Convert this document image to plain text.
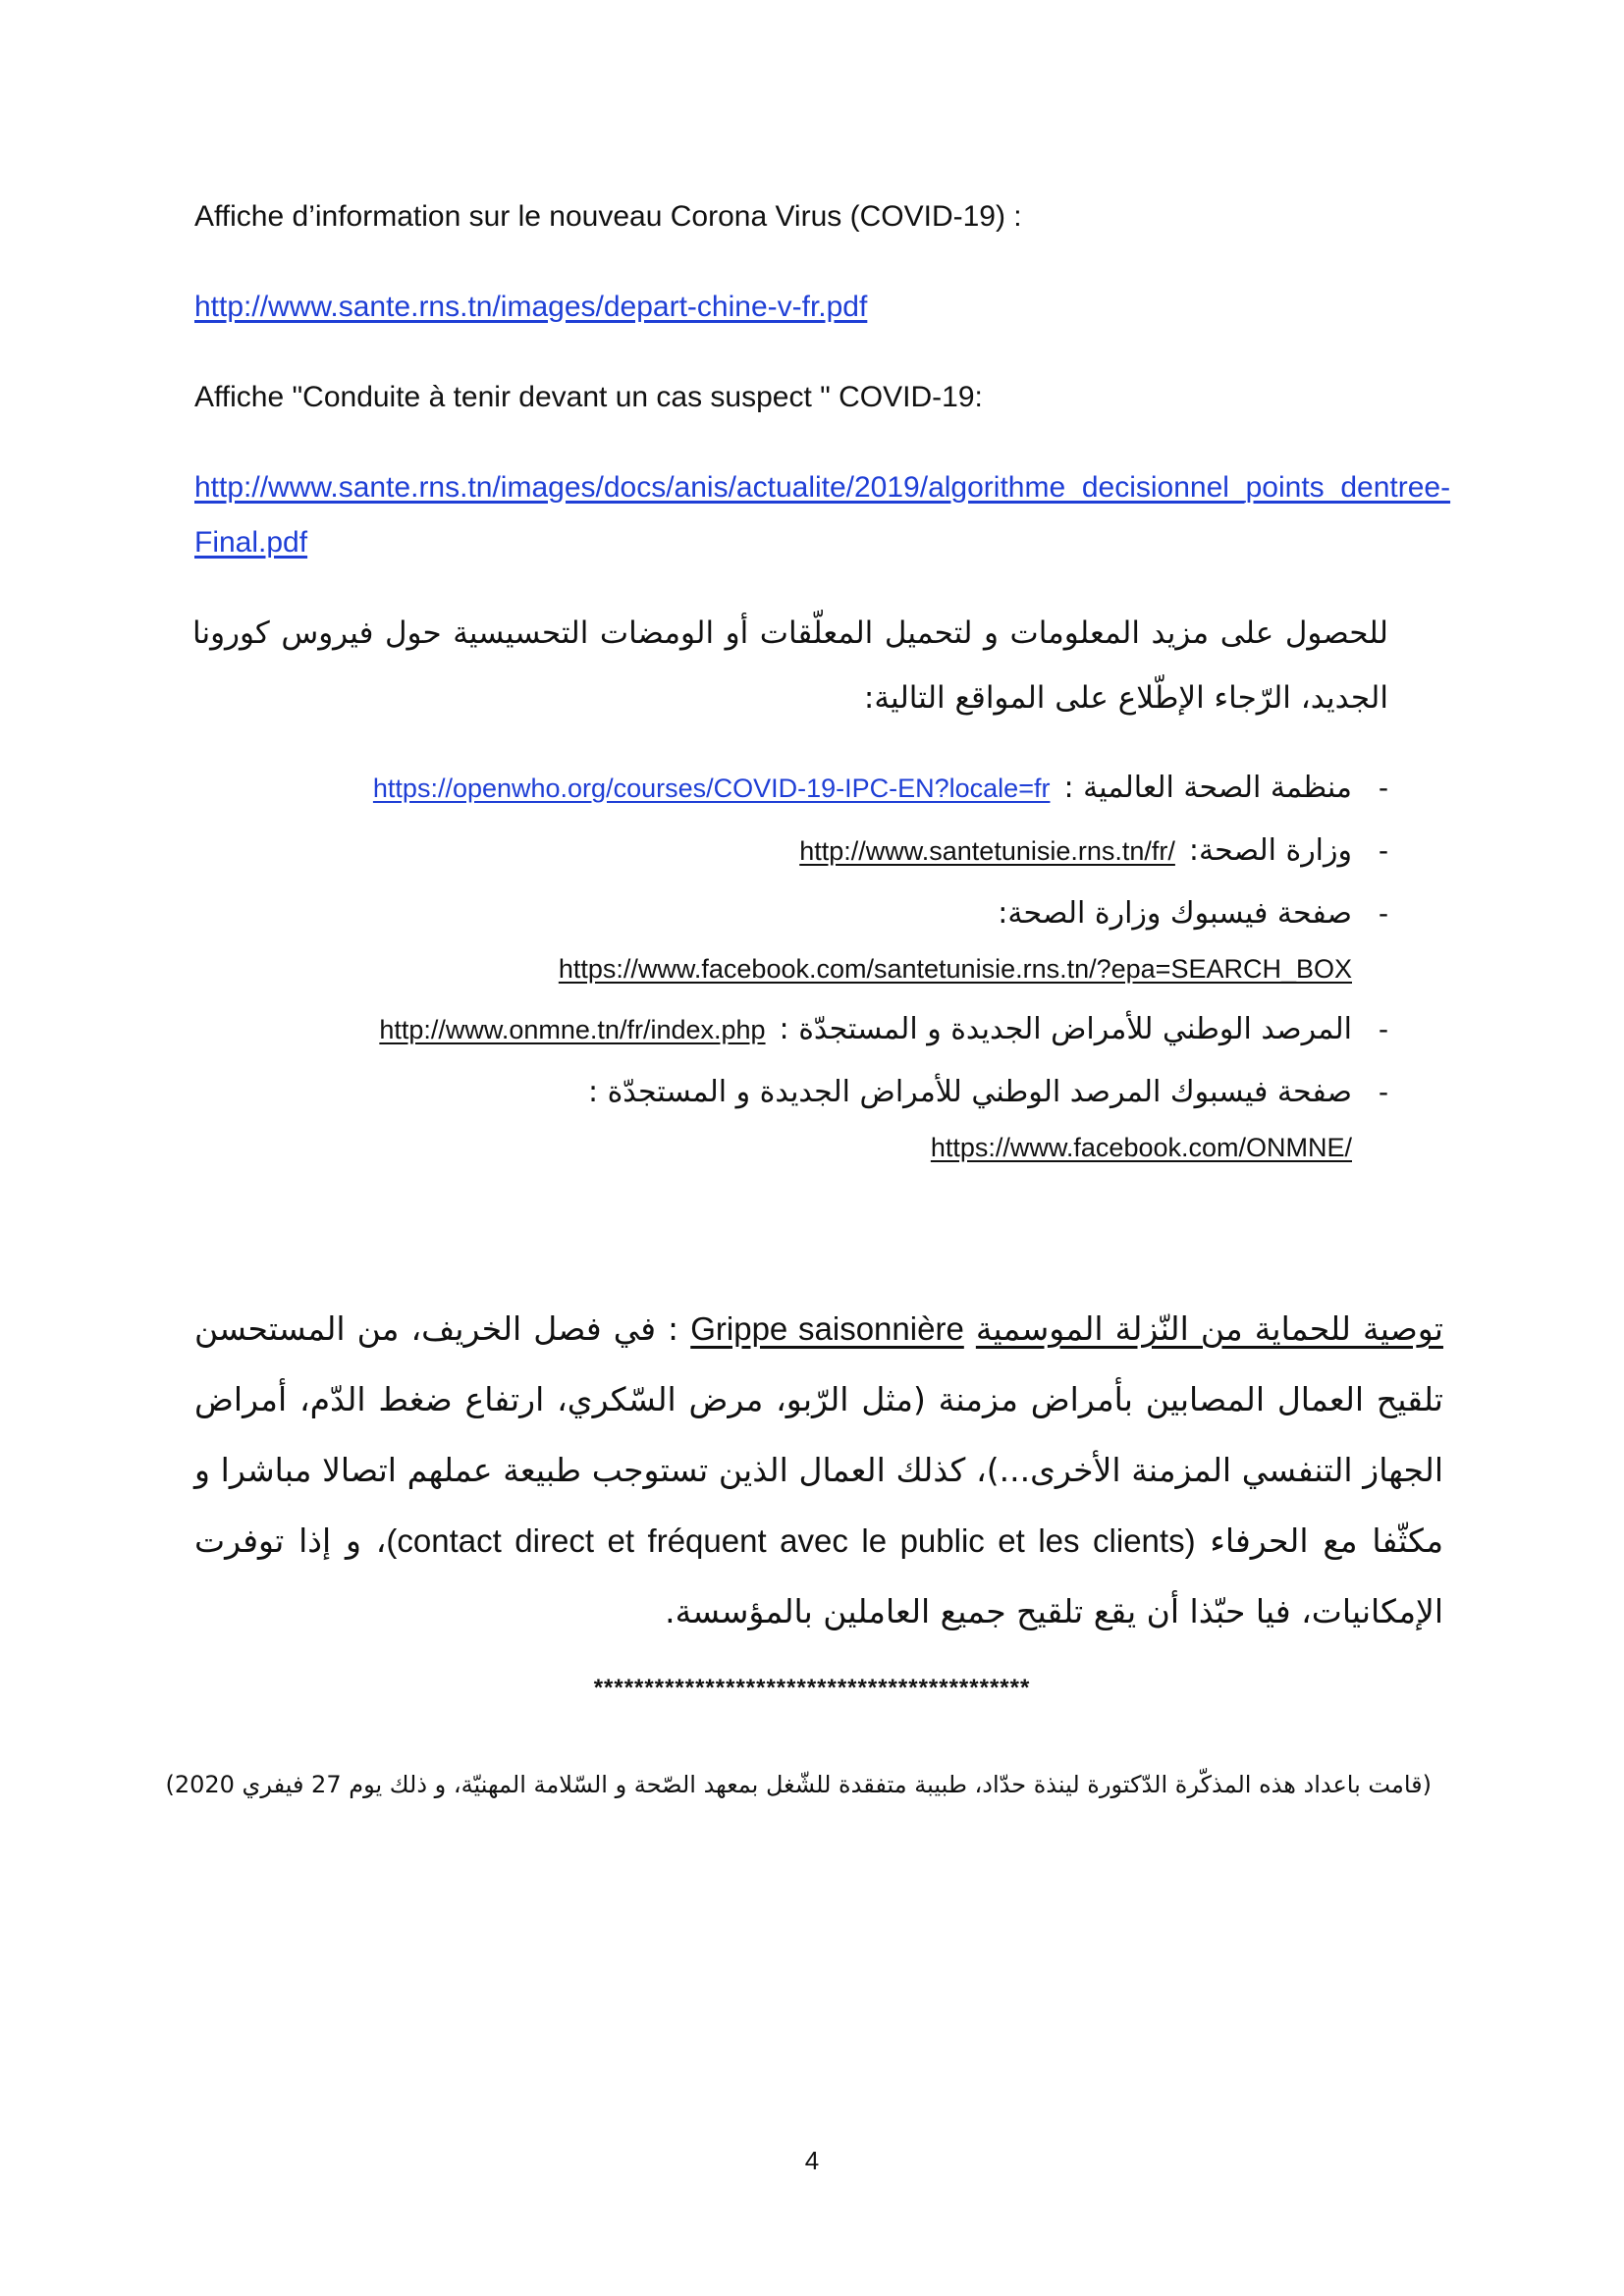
Affiche d’information sur le nouveau Corona Virus (COVID-19) :
http://www.sante.rns.tn/images/depart-chine-v-fr.pdf
Affiche "Conduite à tenir devant un cas suspect " COVID-19:
http://www.sante.rns.tn/images/docs/anis/actualite/2019/algorithme_decisionnel_points_dentree-
Final.pdf

للحصول على مزيد المعلومات و لتحميل المعلّقات أو الومضات التحسيسية حول فيروس كورونا الجديد، الرّجاء الإطّلاع على المواقع التالية:

-
منظمة الصحة العالمية :https://openwho.org/courses/COVID-19-IPC-EN?locale=fr
-
وزارة الصحة:http://www.santetunisie.rns.tn/fr/
-
صفحة فيسبوك وزارة الصحة:
https://www.facebook.com/santetunisie.rns.tn/?epa=SEARCH_BOX
-
المرصد الوطني للأمراض الجديدة و المستجدّة :http://www.onmne.tn/fr/index.php
-
صفحة فيسبوك المرصد الوطني للأمراض الجديدة و المستجدّة :
https://www.facebook.com/ONMNE/

توصية للحماية من النّزلة الموسمية Grippe saisonnière : في فصل الخريف، من المستحسن تلقيح العمال المصابين بأمراض مزمنة (مثل الرّبو، مرض السّكري، ارتفاع ضغط الدّم، أمراض الجهاز التنفسي المزمنة الأخرى...)، كذلك العمال الذين تستوجب طبيعة عملهم اتصالا مباشرا و مكثّفا مع الحرفاء (contact direct et fréquent avec le public et les clients)، و إذا توفرت الإمكانيات، فيا حبّذا أن يقع تلقيح جميع العاملين بالمؤسسة.

*******************************************
(قامت باعداد هذه المذكّرة الدّكتورة لينذة حدّاد، طبيبة متفقدة للشّغل بمعهد الصّحة و السّلامة المهنيّة، و ذلك يوم 27 فيفري 2020)
4
